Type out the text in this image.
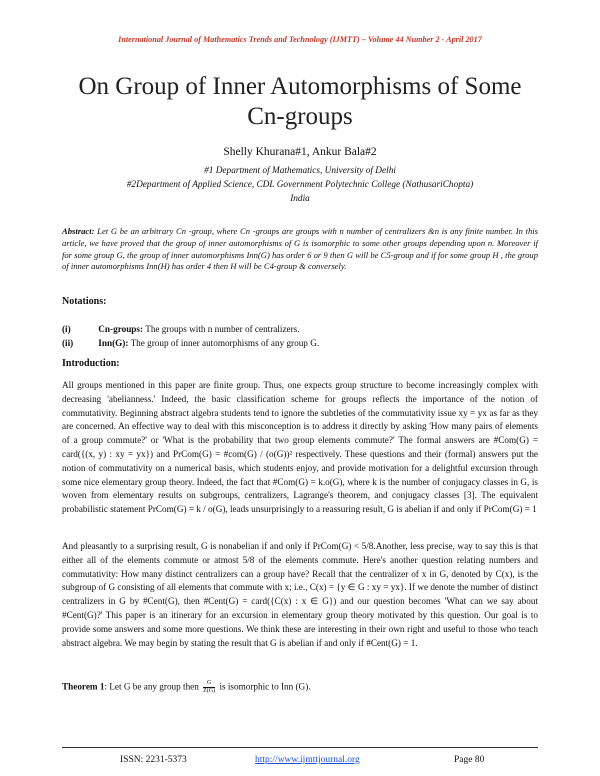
International Journal of Mathematics Trends and Technology (IJMTT) – Volume 44 Number 2 - April 2017
On Group of Inner Automorphisms of Some
Cn-groups
Shelly Khurana#1, Ankur Bala#2
#1 Department of Mathematics, University of Delhi
#2Department of Applied Science, CDL Government Polytechnic College (NathusariChopta)
India
Abstract: Let G be an arbitrary Cn -group, where Cn -groups are groups with n number of centralizers &n is any finite number. In this article, we have proved that the group of inner automorphisms of G is isomorphic to some other groups depending upon n. Moreover if for some group G, the group of inner automorphisms Inn(G) has order 6 or 9 then G will be C5-group and if for some group H , the group of inner automorphisms Inn(H) has order 4 then H will be C4-group & conversely.
Notations:
(i)	Cn-groups: The groups with n number of centralizers.
(ii)	Inn(G): The group of inner automorphisms of any group G.
Introduction:

All groups mentioned in this paper are finite group. Thus, one expects group structure to become increasingly complex with decreasing 'abelianness.' Indeed, the basic classification scheme for groups reflects the importance of the notion of commutativity. Beginning abstract algebra students tend to ignore the subtleties of the commutativity issue xy = yx as far as they are concerned. An effective way to deal with this misconception is to address it directly by asking 'How many pairs of elements of a group commute?' or 'What is the probability that two group elements commute?' The formal answers are #Com(G) = card({(x, y) : xy = yx}) and PrCom(G) = #com(G) / (o(G))² respectively. These questions and their (formal) answers put the notion of commutativity on a numerical basis, which students enjoy, and provide motivation for a delightful excursion through some nice elementary group theory. Indeed, the fact that #Com(G) = k.o(G), where k is the number of conjugacy classes in G, is woven from elementary results on subgroups, centralizers, Lagrange's theorem, and conjugacy classes [3]. The equivalent probabilistic statement PrCom(G) = k / o(G), leads unsurprisingly to a reassuring result, G is abelian if and only if PrCom(G) = 1

And pleasantly to a surprising result, G is nonabelian if and only if PrCom(G) < 5/8.Another, less precise, way to say this is that either all of the elements commute or atmost 5/8 of the elements commute. Here's another question relating numbers and commutativity: How many distinct centralizers can a group have? Recall that the centralizer of x in G, denoted by C(x), is the subgroup of G consisting of all elements that commute with x; i.e., C(x) = {y ∈ G : xy = yx}. If we denote the number of distinct centralizers in G by #Cent(G), then #Cent(G) = card({C(x) : x ∈ G}) and our question becomes 'What can we say about #Cent(G)?' This paper is an itinerary for an excursion in elementary group theory motivated by this question. Our goal is to provide some answers and some more questions. We think these are interesting in their own right and useful to those who teach abstract algebra. We may begin by stating the result that G is abelian if and only if #Cent(G) = 1.

Theorem 1: Let G be any group then $\frac{G}{Z(G)}$ is isomorphic to Inn (G).
ISSN: 2231-5373	http://www.ijmttjournal.org	Page 80
